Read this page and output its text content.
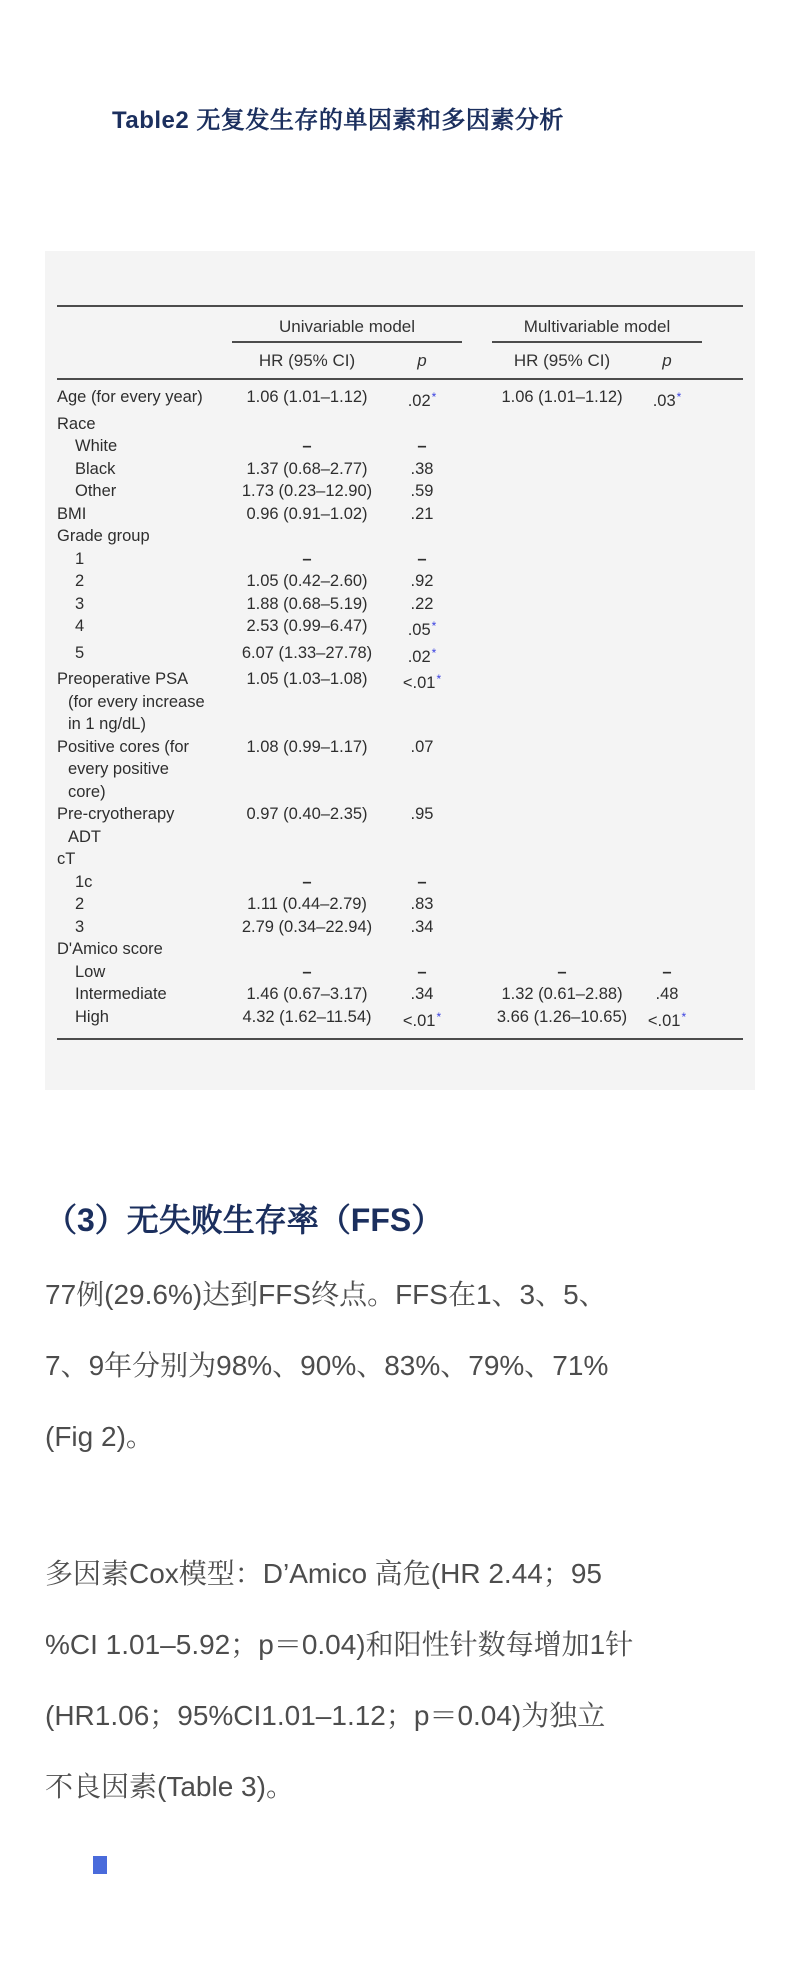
Table2 无复发生存的单因素和多因素分析
	Univariable model			Multivariable model		
	HR (95% CI)	p		HR (95% CI)	p	

Age (for every year)	1.06 (1.01–1.12)	.02*		1.06 (1.01–1.12)	.03*	

Race						

White	–	–				

Black	1.37 (0.68–2.77)	.38				

Other	1.73 (0.23–12.90)	.59				

BMI	0.96 (0.91–1.02)	.21				

Grade group						

1	–	–				

2	1.05 (0.42–2.60)	.92				

3	1.88 (0.68–5.19)	.22				

4	2.53 (0.99–6.47)	.05*				

5	6.07 (1.33–27.78)	.02*				

Preoperative PSA
(for every increase
in 1 ng/dL)	1.05 (1.03–1.08)	<.01*				

Positive cores (for
every positive
core)	1.08 (0.99–1.17)	.07				

Pre-cryotherapy
ADT	0.97 (0.40–2.35)	.95				

cT						

1c	–	–				

2	1.11 (0.44–2.79)	.83				

3	2.79 (0.34–22.94)	.34				

D'Amico score						

Low	–	–		–	–	

Intermediate	1.46 (0.67–3.17)	.34		1.32 (0.61–2.88)	.48	

High	4.32 (1.62–11.54)	<.01*		3.66 (1.26–10.65)	<.01*	
（3）无失败生存率（FFS）
77例(29.6%)达到FFS终点。FFS在1、3、5、
7、9年分别为98%、90%、83%、79%、71%
(Fig 2)。
多因素Cox模型：D’Amico 高危(HR 2.44；95
%CI 1.01–5.92；p＝0.04)和阳性针数每增加1针
(HR1.06；95%CI1.01–1.12；p＝0.04)为独立
不良因素(Table 3)。
